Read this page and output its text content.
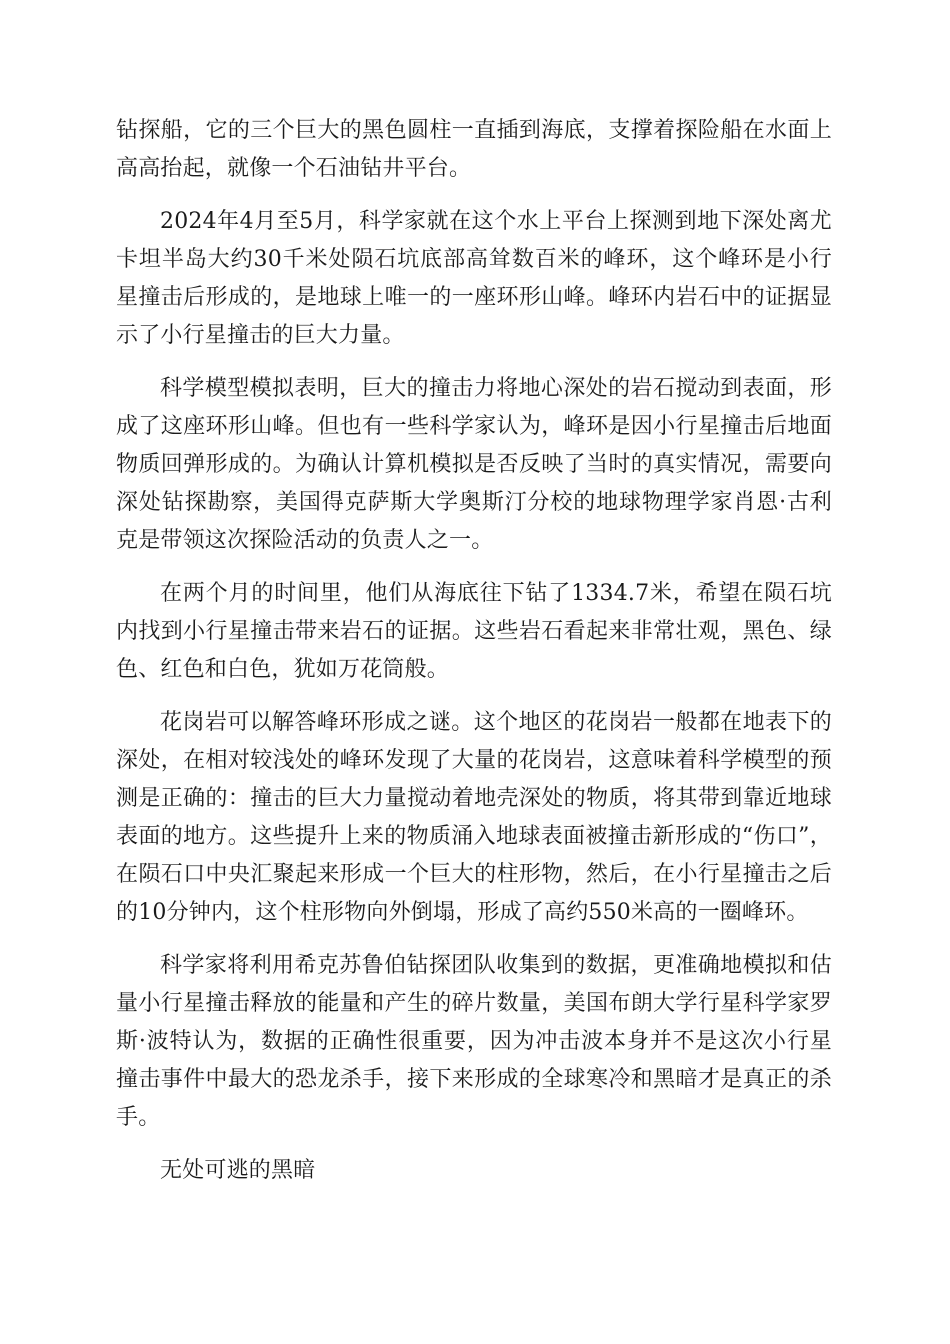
钻探船，它的三个巨大的黑色圆柱一直插到海底，支撑着探险船在水面上高高抬起，就像一个石油钻井平台。

2024年4月至5月，科学家就在这个水上平台上探测到地下深处离尤卡坦半岛大约30千米处陨石坑底部高耸数百米的峰环，这个峰环是小行星撞击后形成的，是地球上唯一的一座环形山峰。峰环内岩石中的证据显示了小行星撞击的巨大力量。

科学模型模拟表明，巨大的撞击力将地心深处的岩石搅动到表面，形成了这座环形山峰。但也有一些科学家认为，峰环是因小行星撞击后地面物质回弹形成的。为确认计算机模拟是否反映了当时的真实情况，需要向深处钻探勘察，美国得克萨斯大学奥斯汀分校的地球物理学家肖恩·古利克是带领这次探险活动的负责人之一。

在两个月的时间里，他们从海底往下钻了1334.7米，希望在陨石坑内找到小行星撞击带来岩石的证据。这些岩石看起来非常壮观，黑色、绿色、红色和白色，犹如万花筒般。

花岗岩可以解答峰环形成之谜。这个地区的花岗岩一般都在地表下的深处，在相对较浅处的峰环发现了大量的花岗岩，这意味着科学模型的预测是正确的：撞击的巨大力量搅动着地壳深处的物质，将其带到靠近地球表面的地方。这些提升上来的物质涌入地球表面被撞击新形成的“伤口”，在陨石口中央汇聚起来形成一个巨大的柱形物，然后，在小行星撞击之后的10分钟内，这个柱形物向外倒塌，形成了高约550米高的一圈峰环。

科学家将利用希克苏鲁伯钻探团队收集到的数据，更准确地模拟和估量小行星撞击释放的能量和产生的碎片数量，美国布朗大学行星科学家罗斯·波特认为，数据的正确性很重要，因为冲击波本身并不是这次小行星撞击事件中最大的恐龙杀手，接下来形成的全球寒冷和黑暗才是真正的杀手。

无处可逃的黑暗
